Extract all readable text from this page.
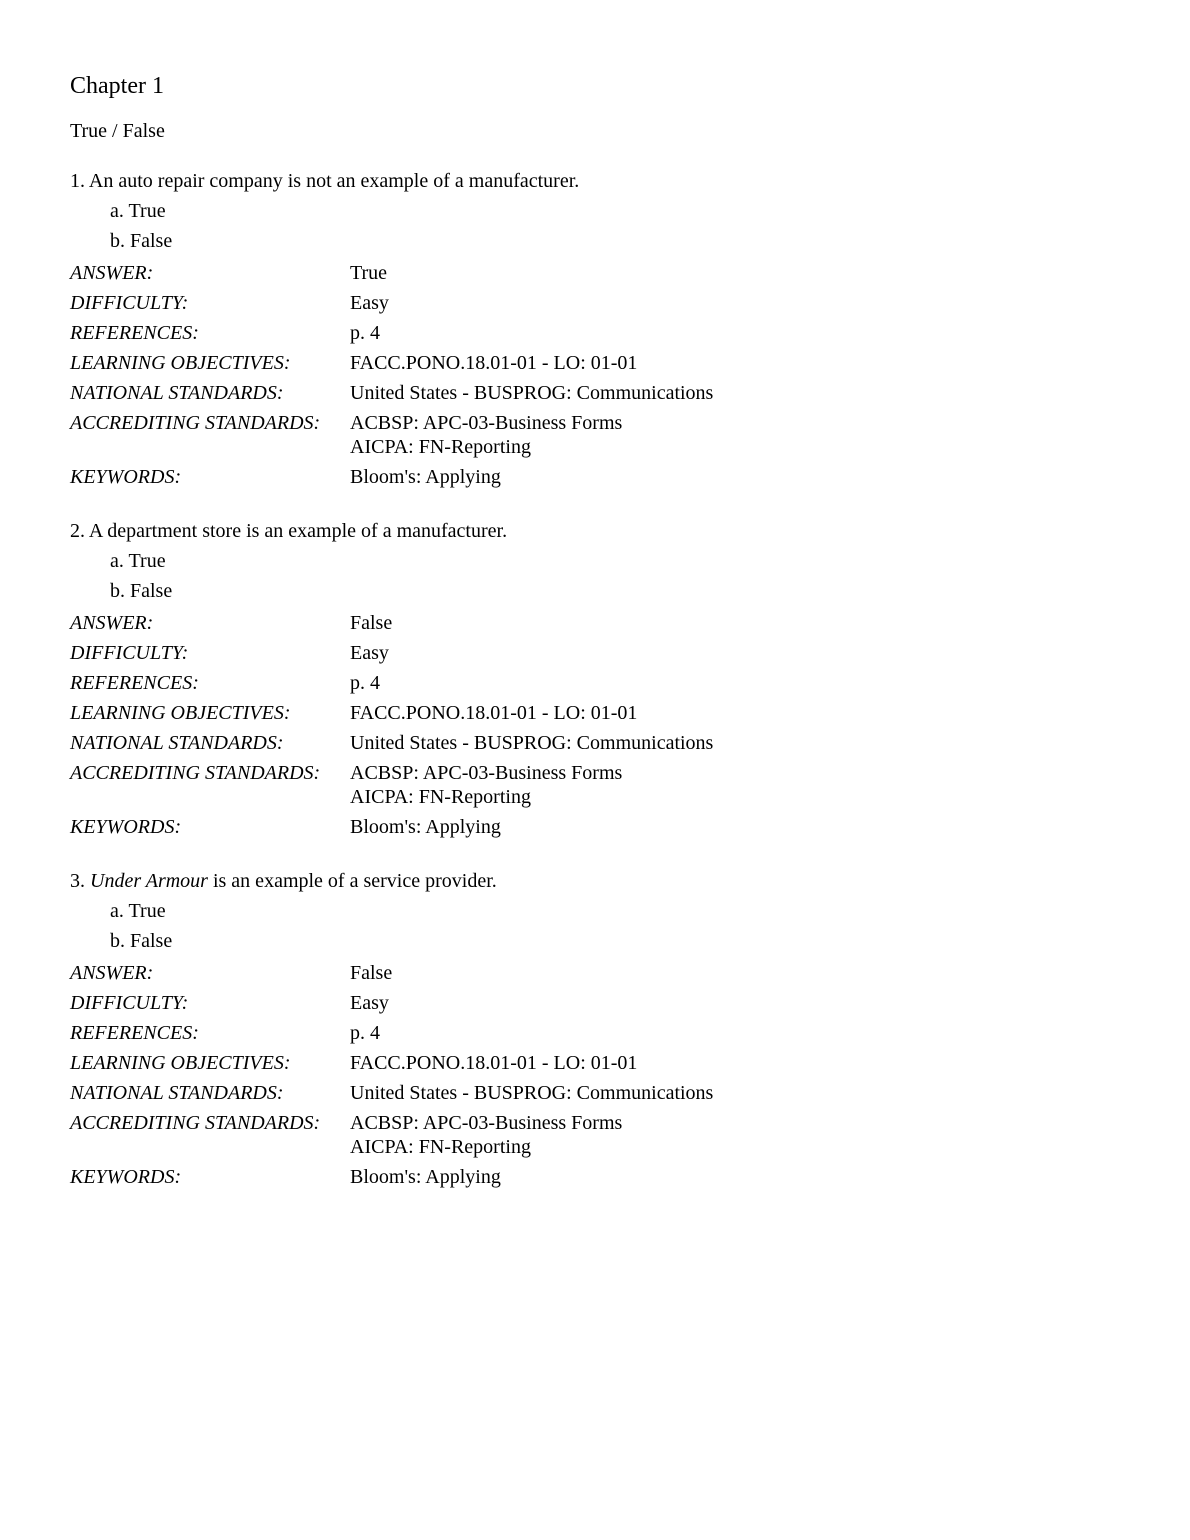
Chapter 1
True / False
1. An auto repair company is not an example of a manufacturer.
a. True
b. False
ANSWER:	True
DIFFICULTY:	Easy
REFERENCES:	p. 4
LEARNING OBJECTIVES:	FACC.PONO.18.01-01 - LO: 01-01
NATIONAL STANDARDS:	United States - BUSPROG: Communications
ACCREDITING STANDARDS:	ACBSP: APC-03-Business Forms
AICPA: FN-Reporting
KEYWORDS:	Bloom's: Applying
2. A department store is an example of a manufacturer.
a. True
b. False
ANSWER:	False
DIFFICULTY:	Easy
REFERENCES:	p. 4
LEARNING OBJECTIVES:	FACC.PONO.18.01-01 - LO: 01-01
NATIONAL STANDARDS:	United States - BUSPROG: Communications
ACCREDITING STANDARDS:	ACBSP: APC-03-Business Forms
AICPA: FN-Reporting
KEYWORDS:	Bloom's: Applying
3. Under Armour is an example of a service provider.
a. True
b. False
ANSWER:	False
DIFFICULTY:	Easy
REFERENCES:	p. 4
LEARNING OBJECTIVES:	FACC.PONO.18.01-01 - LO: 01-01
NATIONAL STANDARDS:	United States - BUSPROG: Communications
ACCREDITING STANDARDS:	ACBSP: APC-03-Business Forms
AICPA: FN-Reporting
KEYWORDS:	Bloom's: Applying
